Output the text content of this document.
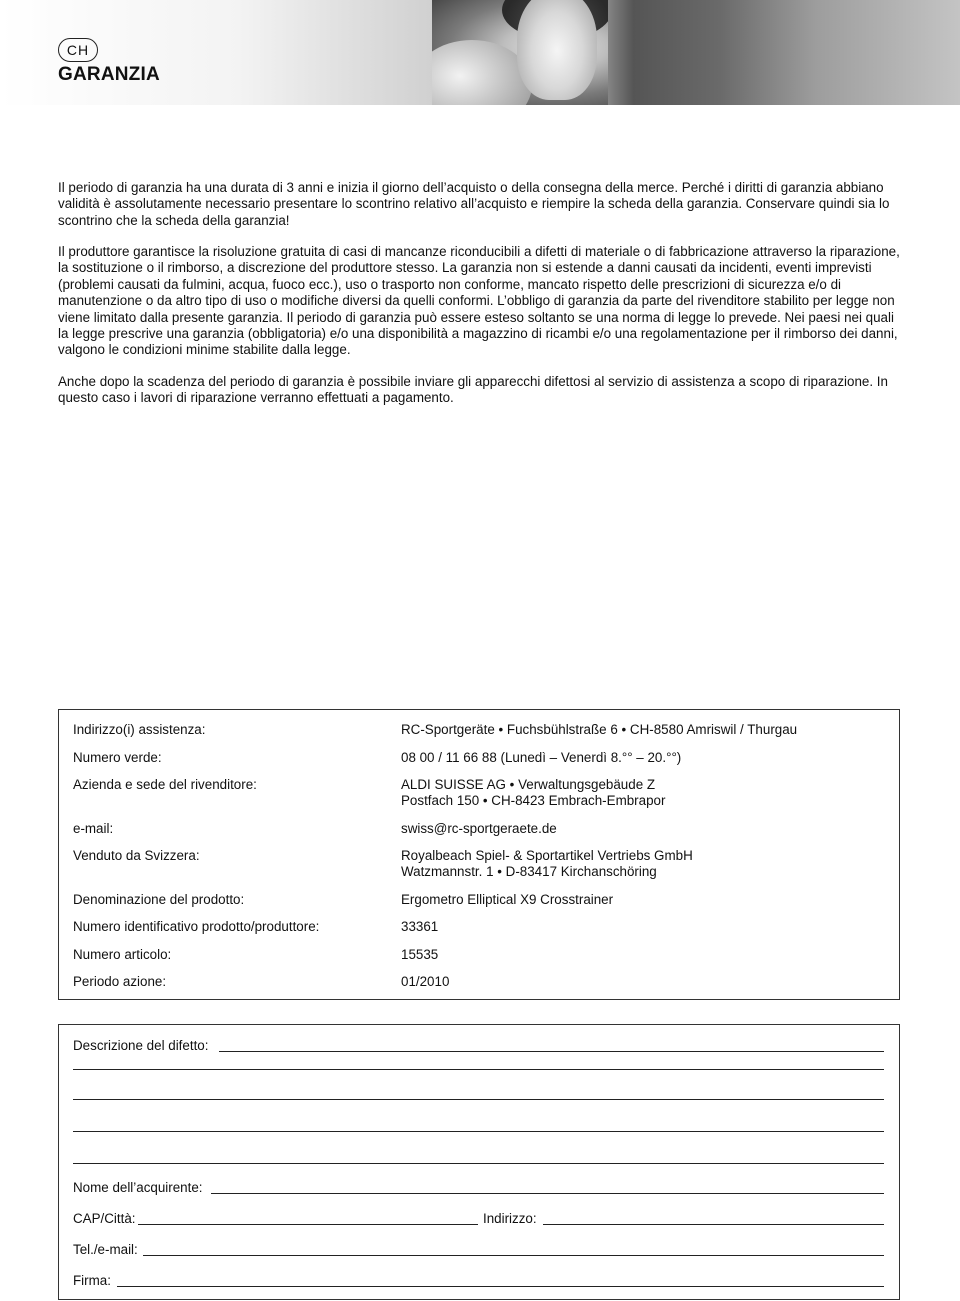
CH
GARANZIA

Il periodo di garanzia ha una durata di 3 anni e inizia il giorno dell’acquisto o della consegna della merce. Perché i diritti di garanzia abbiano validità è assolutamente necessario presentare lo scontrino relativo all’acquisto e riempire la scheda della garanzia. Conservare quindi sia lo scontrino che la scheda della garanzia!

Il produttore garantisce la risoluzione gratuita di casi di mancanze riconducibili a difetti di materiale o di fabbricazione attraverso la riparazione, la sostituzione o il rimborso, a discrezione del produttore stesso. La garanzia non si estende a danni causati da incidenti, eventi imprevisti (problemi causati da fulmini, acqua, fuoco ecc.), uso o trasporto non conforme, mancato rispetto delle prescrizioni di sicurezza e/o di manutenzione o da altro tipo di uso o modifiche diversi da quelli conformi. L’obbligo di garanzia da parte del rivenditore stabilito per legge non viene limitato dalla presente garanzia. Il periodo di garanzia può essere esteso soltanto se una norma di legge lo prevede. Nei paesi nei quali la legge prescrive una garanzia (obbligatoria) e/o una disponibilità a magazzino di ricambi e/o una regolamentazione per il rimborso dei danni, valgono le condizioni minime stabilite dalla legge.

Anche dopo la scadenza del periodo di garanzia è possibile inviare gli apparecchi difettosi al servizio di assistenza a scopo di riparazione. In questo caso i lavori di riparazione verranno effettuati a pagamento.

Indirizzo(i) assistenza:	RC-Sportgeräte • Fuchsbühlstraße 6 • CH-8580 Amriswil / Thurgau
Numero verde:	08 00 / 11 66 88 (Lunedì – Venerdì 8.°° – 20.°°)
Azienda e sede del rivenditore:	ALDI SUISSE AG • Verwaltungsgebäude Z
Postfach 150 • CH-8423 Embrach-Embrapor
e-mail:	swiss@rc-sportgeraete.de
Venduto da Svizzera:	Royalbeach Spiel- & Sportartikel Vertriebs GmbH
Watzmannstr. 1 • D-83417 Kirchanschöring
Denominazione del prodotto:	Ergometro Elliptical X9 Crosstrainer
Numero identificativo prodotto/produttore:	33361
Numero articolo:	15535
Periodo azione:	01/2010
Descrizione del difetto:
Nome dell’acquirente:
CAP/Città:	Indirizzo:
Tel./e-mail:
Firma:
